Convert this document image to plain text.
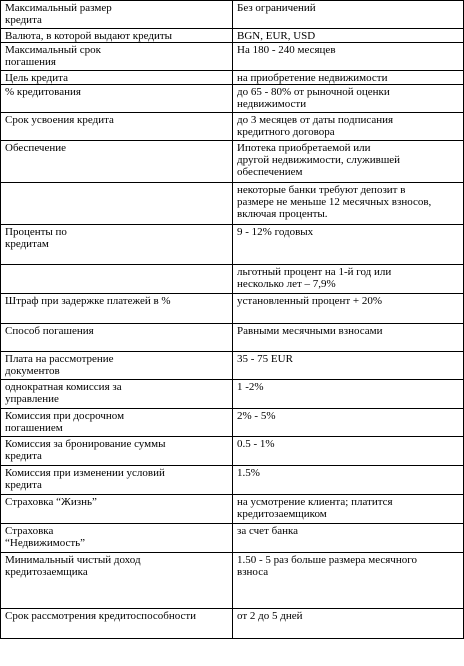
Максимальный размер
кредита	Без ограничений

Валюта, в которой выдают кредиты	BGN, EUR, USD

Максимальный срок
погашения	На 180 - 240 месяцев

Цель кредита	на приобретение недвижимости

% кредитования	до 65 - 80% от рыночной оценки
недвижимости

Срок усвоения кредита	до 3 месяцев от даты подписания
кредитного договора

Обеспечение	Ипотека приобретаемой или
другой недвижимости, служившей
обеспечением

	некоторые банки требуют депозит в
размере не меньше 12 месячных взносов,
включая проценты.

Проценты по
кредитам	9 - 12% годовых

	льготный процент на 1-й год или
несколько лет – 7,9%

Штраф при задержке платежей в %	установленный процент + 20%

Способ погашения	Равными месячными взносами

Плата на рассмотрение
документов	35 - 75 EUR

однократная комиссия за
управление	1 -2%

Комиссия при досрочном
погашением	2% - 5%

Комиссия за бронирование суммы
кредита	0.5 - 1%

Комиссия при изменении условий
кредита	1.5%

Страховка “Жизнь”	на усмотрение клиента; платится
кредитозаемщиком

Страховка
“Недвижимость”	за счет банка

Минимальный чистый доход
кредитозаемщика	1.50 - 5 раз больше размера месячного
взноса

Срок рассмотрения кредитоспособности	от 2 до 5 дней
